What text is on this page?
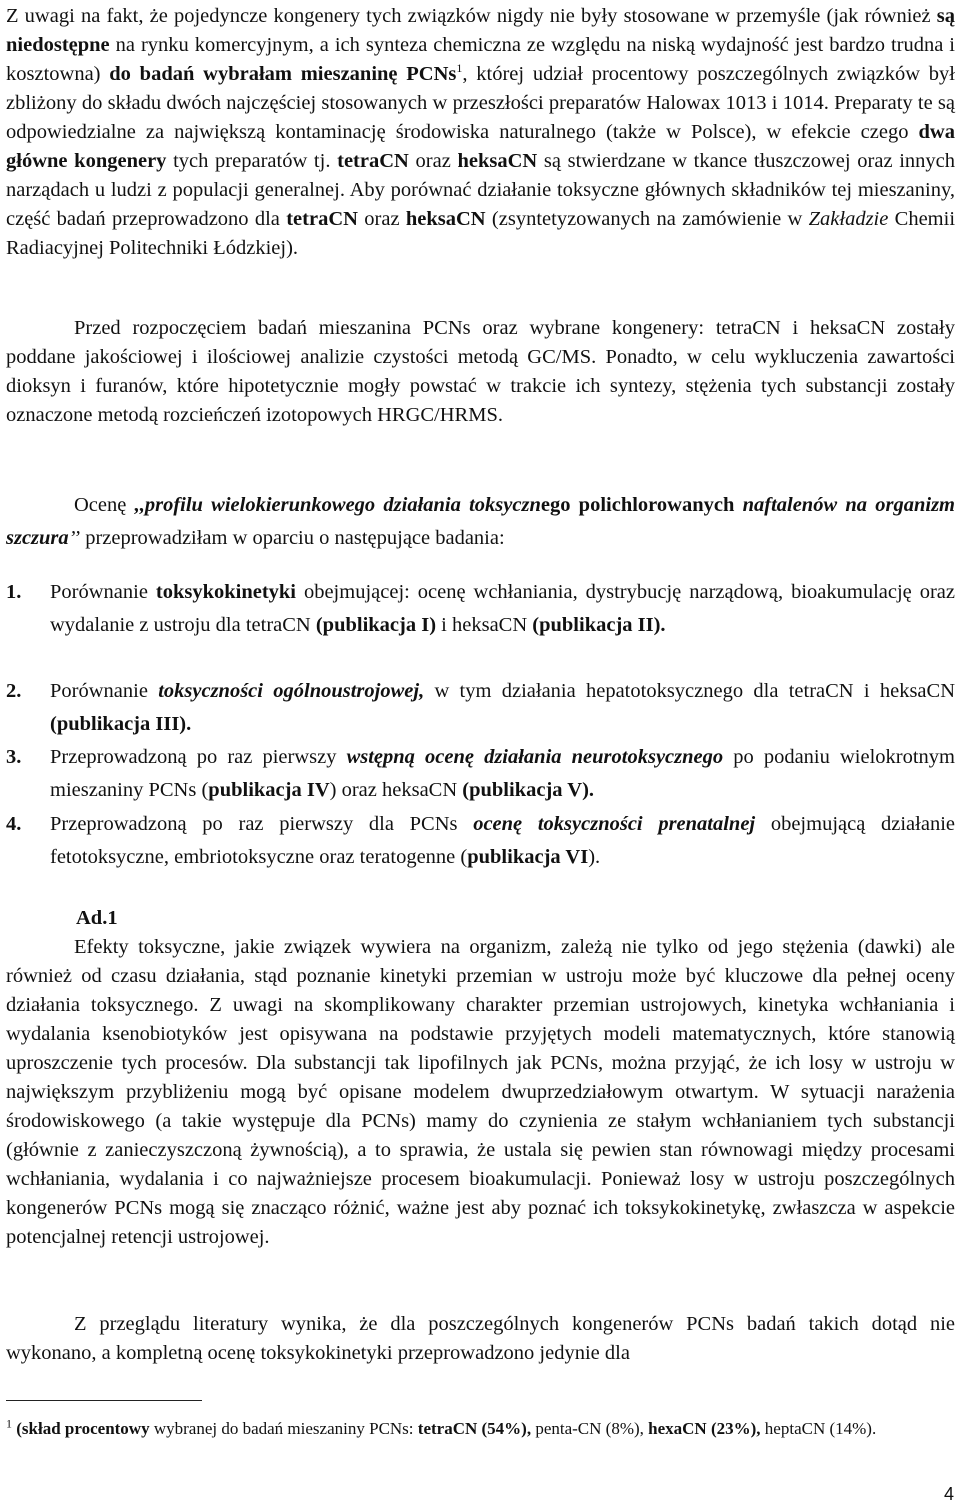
Z uwagi na fakt, że pojedyncze kongenery tych związków nigdy nie były stosowane w przemyśle (jak również są niedostępne na rynku komercyjnym, a ich synteza chemiczna ze względu na niską wydajność jest bardzo trudna i kosztowna) do badań wybrałam mieszaninę PCNs$^1$, której udział procentowy poszczególnych związków był zbliżony do składu dwóch najczęściej stosowanych w przeszłości preparatów Halowax 1013 i 1014. Preparaty te są odpowiedzialne za największą kontaminację środowiska naturalnego (także w Polsce), w efekcie czego dwa główne kongenery tych preparatów tj. tetraCN oraz heksaCN są stwierdzane w tkance tłuszczowej oraz innych narządach u ludzi z populacji generalnej. Aby porównać działanie toksyczne głównych składników tej mieszaniny, część badań przeprowadzono dla tetraCN oraz heksaCN (zsyntetyzowanych na zamówienie w Zakładzie Chemii Radiacyjnej Politechniki Łódzkiej).

Przed rozpoczęciem badań mieszanina PCNs oraz wybrane kongenery: tetraCN i heksaCN zostały poddane jakościowej i ilościowej analizie czystości metodą GC/MS. Ponadto, w celu wykluczenia zawartości dioksyn i furanów, które hipotetycznie mogły powstać w trakcie ich syntezy, stężenia tych substancji zostały oznaczone metodą rozcieńczeń izotopowych HRGC/HRMS.

Ocenę ,,profilu wielokierunkowego działania toksycznego polichlorowanych naftalenów na organizm szczura’’ przeprowadziłam w oparciu o następujące badania:

1.	Porównanie toksykokinetyki obejmującej: ocenę wchłaniania, dystrybucję narządową, bioakumulację oraz wydalanie z ustroju dla tetraCN (publikacja I) i heksaCN (publikacja II).
2.	Porównanie toksyczności ogólnoustrojowej, w tym działania hepatotoksycznego dla tetraCN i heksaCN (publikacja III).
3.	Przeprowadzoną po raz pierwszy wstępną ocenę działania neurotoksycznego po podaniu wielokrotnym mieszaniny PCNs (publikacja IV) oraz heksaCN (publikacja V).
4.	Przeprowadzoną po raz pierwszy dla PCNs ocenę toksyczności prenatalnej obejmującą działanie fetotoksyczne, embriotoksyczne oraz teratogenne (publikacja VI).
Ad.1

Efekty toksyczne, jakie związek wywiera na organizm, zależą nie tylko od jego stężenia (dawki) ale również od czasu działania, stąd poznanie kinetyki przemian w ustroju może być kluczowe dla pełnej oceny działania toksycznego. Z uwagi na skomplikowany charakter przemian ustrojowych, kinetyka wchłaniania i wydalania ksenobiotyków jest opisywana na podstawie przyjętych modeli matematycznych, które stanowią uproszczenie tych procesów. Dla substancji tak lipofilnych jak PCNs, można przyjąć, że ich losy w ustroju w największym przybliżeniu mogą być opisane modelem dwuprzedziałowym otwartym. W sytuacji narażenia środowiskowego (a takie występuje dla PCNs) mamy do czynienia ze stałym wchłanianiem tych substancji (głównie z zanieczyszczoną żywnością), a to sprawia, że ustala się pewien stan równowagi między procesami wchłaniania, wydalania i co najważniejsze procesem bioakumulacji. Ponieważ losy w ustroju poszczególnych kongenerów PCNs mogą się znacząco różnić, ważne jest aby poznać ich toksykokinetykę, zwłaszcza w aspekcie potencjalnej retencji ustrojowej.

Z przeglądu literatury wynika, że dla poszczególnych kongenerów PCNs badań takich dotąd nie wykonano, a kompletną ocenę toksykokinetyki przeprowadzono jedynie dla

$^1$ (skład procentowy wybranej do badań mieszaniny PCNs: tetraCN (54%), penta-CN (8%), hexaCN (23%), heptaCN (14%).

4
